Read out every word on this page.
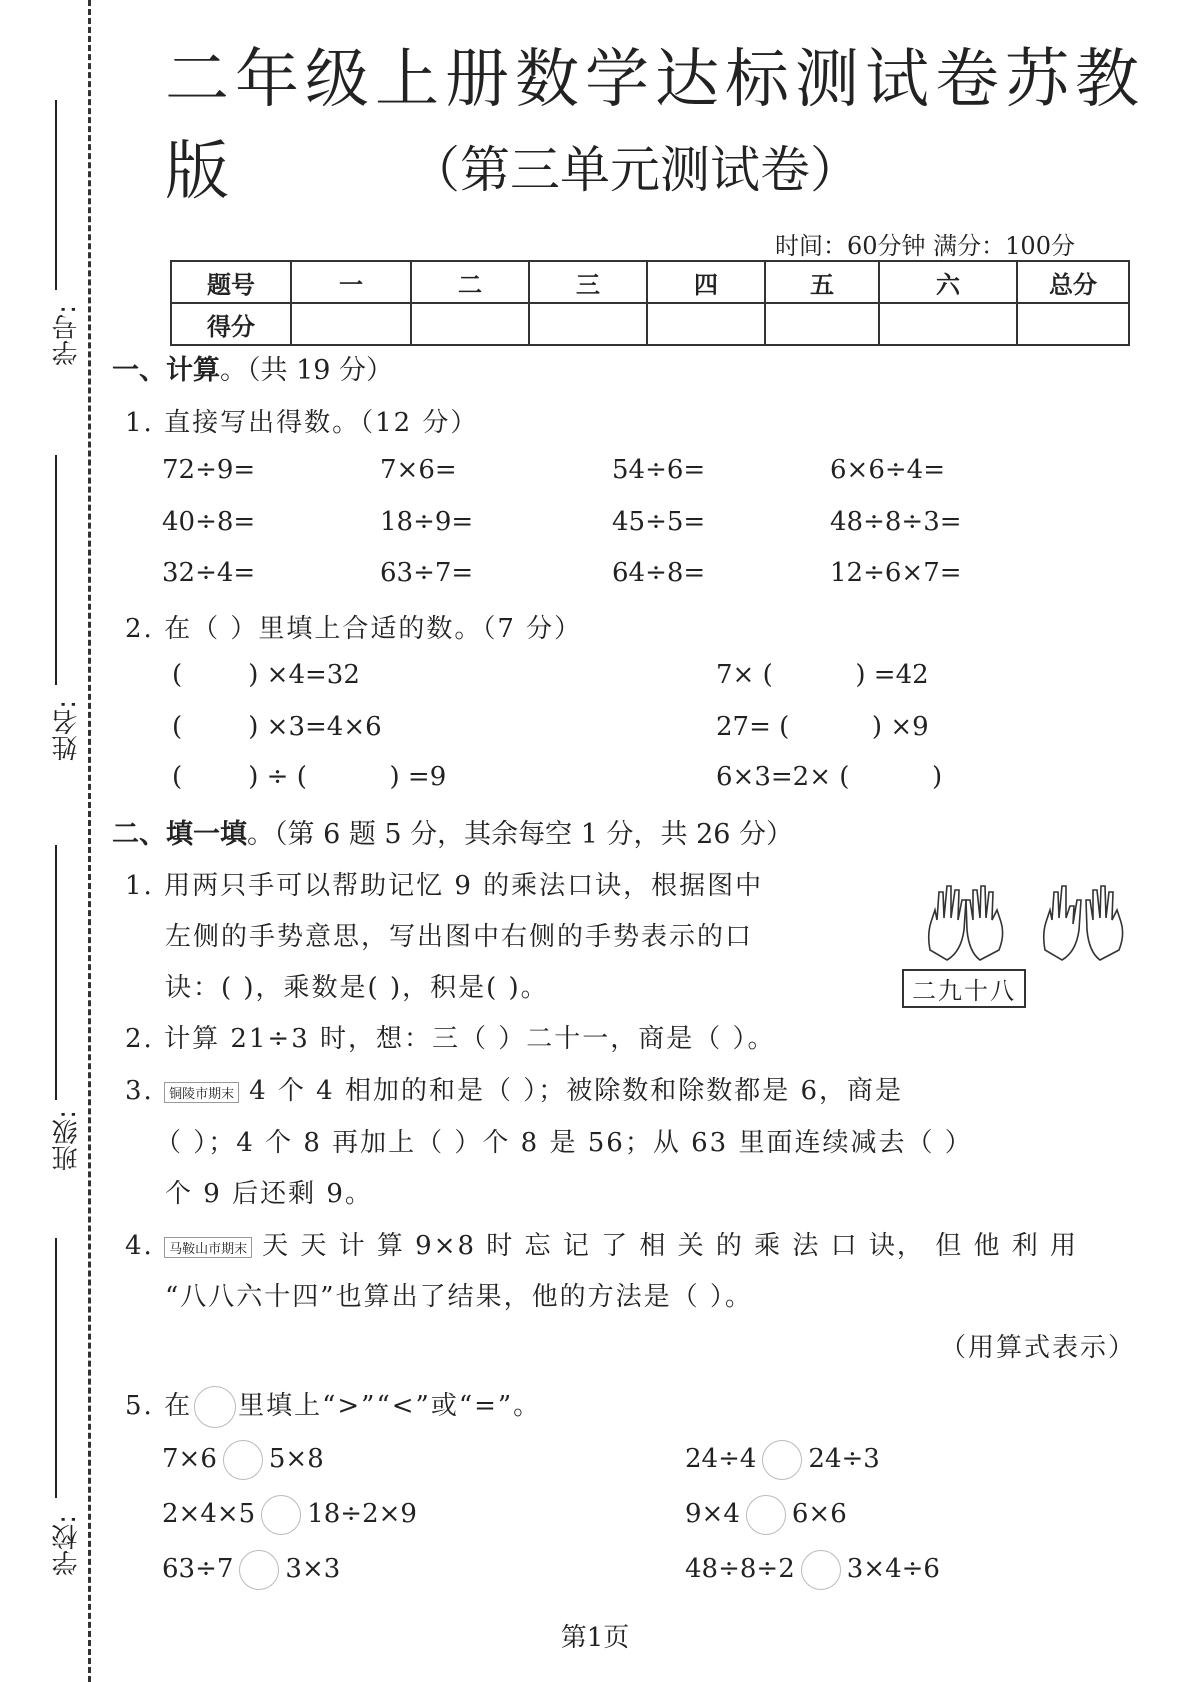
学号:
姓名:
班级:
学校:
二年级上册数学达标测试卷苏教版	（第三单元测试卷）
时间：60分钟 满分：100分
题号	一	二	三	四	五	六	总分
得分							
一、计算。（共 19 分）
1. 直接写出得数。（12 分）
72÷9=	7×6=	54÷6=	6×6÷4=
40÷8=	18÷9=	45÷5=	48÷8÷3=
32÷4=	63÷7=	64÷8=	12÷6×7=
2. 在（ ）里填上合适的数。（7 分）
(        ) ×4=32	7× (          ) =42
(        ) ×3=4×6	27= (          ) ×9
(        ) ÷ (          ) =9	6×3=2× (          )
二、填一填。（第 6 题 5 分，其余每空 1 分，共 26 分）
1. 用两只手可以帮助记忆 9 的乘法口诀，根据图中
左侧的手势意思，写出图中右侧的手势表示的口
诀：( )，乘数是( )，积是( )。	二九十八
2. 计算 21÷3 时，想：三（ ）二十一，商是（ ）。
3. 铜陵市期末 4 个 4 相加的和是（ ）；被除数和除数都是 6，商是
（ ）；4 个 8 再加上（ ）个 8 是 56；从 63 里面连续减去（ ）
个 9 后还剩 9。
4. 马鞍山市期末 天 天 计 算 9×8 时 忘 记 了 相 关 的 乘 法 口 诀， 但 他 利 用
“八八六十四”也算出了结果，他的方法是（ ）。
（用算式表示）
5. 在 里填上“>”“<”或“=”。
7×6 5×8	24÷4 24÷3
2×4×5 18÷2×9	9×4 6×6
63÷7 3×3	48÷8÷2 3×4÷6
第1页
